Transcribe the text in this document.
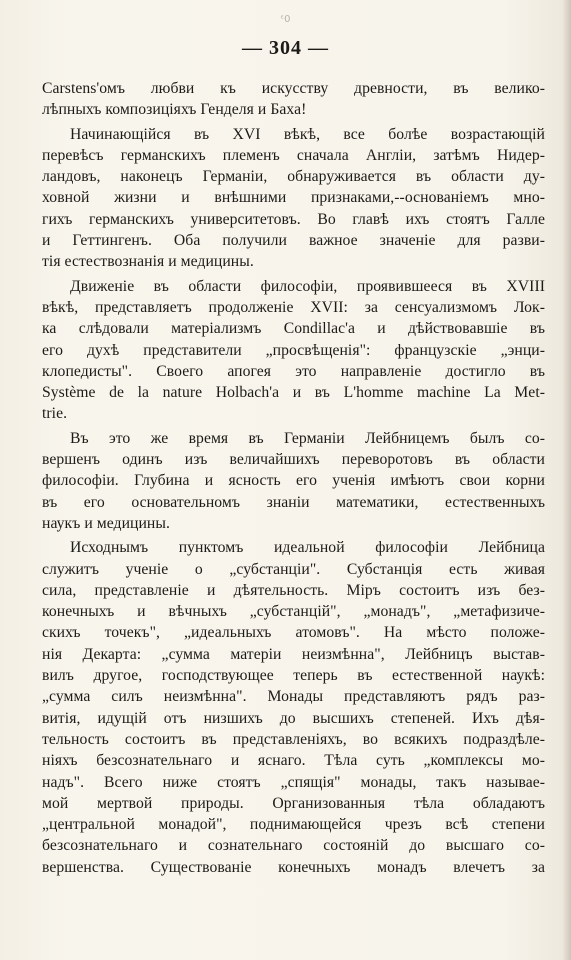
ᵋ0
— 304 —
Carstens'омъ любви къ искусству древности, въ велико-
лѣпныхъ композиціяхъ Генделя и Баха!
Начинающійся въ XVI вѣкѣ, все болѣе возрастающій
перевѣсъ германскихъ племенъ сначала Англіи, затѣмъ Нидер-
ландовъ, наконецъ Германіи, обнаруживается въ области ду-
ховной жизни и внѣшними признаками,--основаніемъ мно-
гихъ германскихъ университетовъ. Во главѣ ихъ стоятъ Галле
и Геттингенъ. Оба получили важное значеніе для разви-
тія естествознанія и медицины.
Движеніе въ области философіи, проявившееся въ XVIII
вѣкѣ, представляетъ продолженіе XVII: за сенсуализмомъ Лок-
ка слѣдовали матеріализмъ Condillac'a и дѣйствовавшіе въ
его духѣ представители „просвѣщенія": французскіе „энци-
клопедисты". Своего апогея это направленіе достигло въ
Système de la nature Holbach'a и въ L'homme machine La Met-
trie.
Въ это же время въ Германіи Лейбницемъ былъ со-
вершенъ одинъ изъ величайшихъ переворотовъ въ области
философіи. Глубина и ясность его ученія имѣютъ свои корни
въ его основательномъ знаніи математики, естественныхъ
наукъ и медицины.
Исходнымъ пунктомъ идеальной философіи Лейбница
служитъ ученіе о „субстанціи". Субстанція есть живая
сила, представленіе и дѣятельность. Міръ состоитъ изъ без-
конечныхъ и вѣчныхъ „субстанцій", „монадъ", „метафизиче-
скихъ точекъ", „идеальныхъ атомовъ". На мѣсто положе-
нія Декарта: „сумма матеріи неизмѣнна", Лейбницъ выстав-
вилъ другое, господствующее теперь въ естественной наукѣ:
„сумма силъ неизмѣнна". Монады представляютъ рядъ раз-
витія, идущій отъ низшихъ до высшихъ степеней. Ихъ дѣя-
тельность состоитъ въ представленіяхъ, во всякихъ подраздѣле-
ніяхъ безсознательнаго и яснаго. Тѣла суть „комплексы мо-
надъ". Всего ниже стоятъ „спящія" монады, такъ называе-
мой мертвой природы. Организованныя тѣла обладаютъ
„центральной монадой", поднимающейся чрезъ всѣ степени
безсознательнаго и сознательнаго состояній до высшаго со-
вершенства. Существованіе конечныхъ монадъ влечетъ за
